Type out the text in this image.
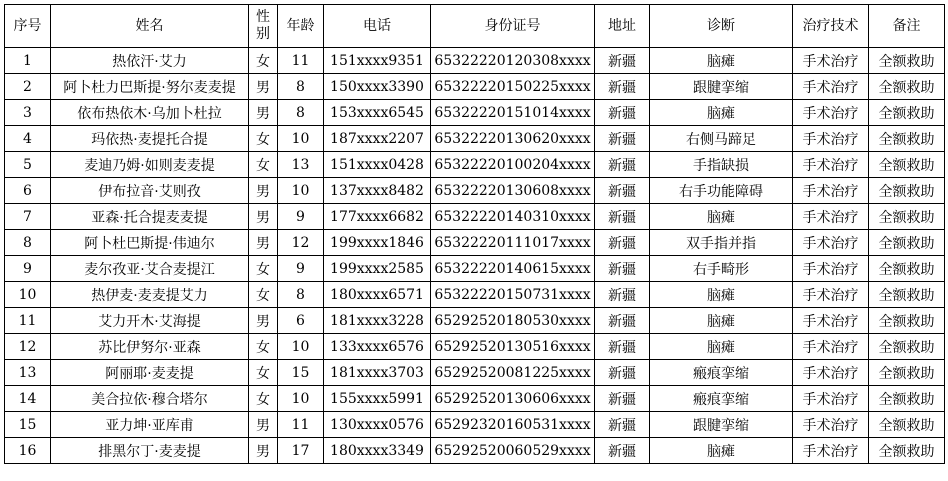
序号	姓名	性别	年龄	电话	身份证号	地址	诊断	治疗技术	备注
1	热依汗·艾力	女	11	151xxxx9351	65322220120308xxxx	新疆	脑瘫	手术治疗	全额救助
2	阿卜杜力巴斯提·努尔麦麦提	男	8	150xxxx3390	65322220150225xxxx	新疆	跟腱挛缩	手术治疗	全额救助
3	依布热依木·乌加卜杜拉	男	8	153xxxx6545	65322220151014xxxx	新疆	脑瘫	手术治疗	全额救助
4	玛依热·麦提托合提	女	10	187xxxx2207	65322220130620xxxx	新疆	右侧马蹄足	手术治疗	全额救助
5	麦迪乃姆·如则麦麦提	女	13	151xxxx0428	65322220100204xxxx	新疆	手指缺损	手术治疗	全额救助
6	伊布拉音·艾则孜	男	10	137xxxx8482	65322220130608xxxx	新疆	右手功能障碍	手术治疗	全额救助
7	亚森·托合提麦麦提	男	9	177xxxx6682	65322220140310xxxx	新疆	脑瘫	手术治疗	全额救助
8	阿卜杜巴斯提·伟迪尔	男	12	199xxxx1846	65322220111017xxxx	新疆	双手指并指	手术治疗	全额救助
9	麦尔孜亚·艾合麦提江	女	9	199xxxx2585	65322220140615xxxx	新疆	右手畸形	手术治疗	全额救助
10	热伊麦·麦麦提艾力	女	8	180xxxx6571	65322220150731xxxx	新疆	脑瘫	手术治疗	全额救助
11	艾力开木·艾海提	男	6	181xxxx3228	65292520180530xxxx	新疆	脑瘫	手术治疗	全额救助
12	苏比伊努尔·亚森	女	10	133xxxx6576	65292520130516xxxx	新疆	脑瘫	手术治疗	全额救助
13	阿丽耶·麦麦提	女	15	181xxxx3703	65292520081225xxxx	新疆	瘢痕挛缩	手术治疗	全额救助
14	美合拉依·穆合塔尔	女	10	155xxxx5991	65292520130606xxxx	新疆	瘢痕挛缩	手术治疗	全额救助
15	亚力坤·亚库甫	男	11	130xxxx0576	65292320160531xxxx	新疆	跟腱挛缩	手术治疗	全额救助
16	排黑尔丁·麦麦提	男	17	180xxxx3349	65292520060529xxxx	新疆	脑瘫	手术治疗	全额救助
